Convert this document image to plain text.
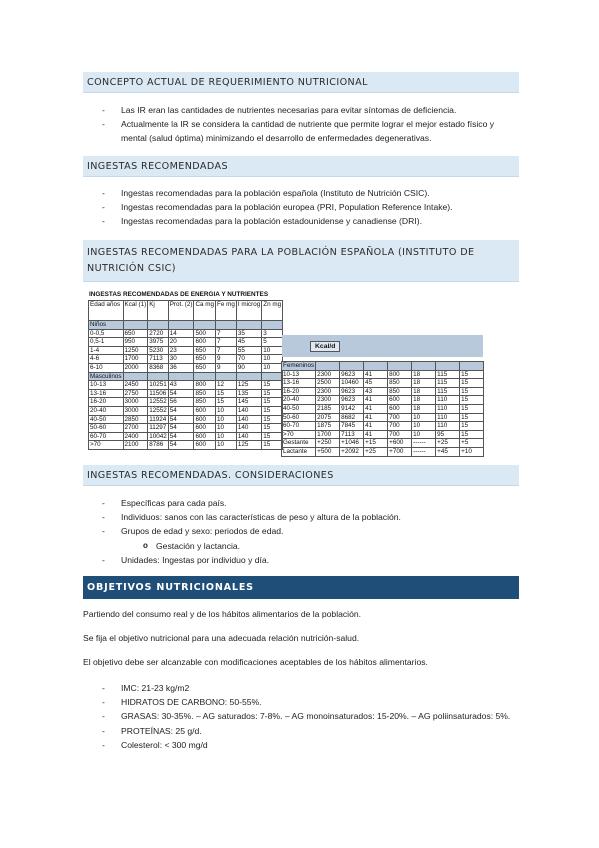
CONCEPTO ACTUAL DE REQUERIMIENTO NUTRICIONAL
- Las IR eran las cantidades de nutrientes necesarias para evitar síntomas de deficiencia.
- Actualmente la IR se considera la cantidad de nutriente que permite lograr el mejor estado físico y mental (salud óptima) minimizando el desarrollo de enfermedades degenerativas.
INGESTAS RECOMENDADAS
- Ingestas recomendadas para la población española (Instituto de Nutrición CSIC).
- Ingestas recomendadas para la población europea (PRI, Population Reference Intake).
- Ingestas recomendadas para la población estadounidense y canadiense (DRI).
INGESTAS RECOMENDADAS PARA LA POBLACIÓN ESPAÑOLA (INSTITUTO DE NUTRICIÓN CSIC)
INGESTAS RECOMENDADAS DE ENERGIA Y NUTRIENTES
Edad años	Kcal (1)	Kj	Prot. (2)	Ca mg	Fe mg	I microg	Zn mg
Niños							
0-0,5	650	2720	14	500	7	35	3
0,5-1	950	3975	20	600	7	45	5
1-4	1250	5230	23	650	7	55	10
4-6	1700	7113	30	650	9	70	10
6-10	2000	8368	36	650	9	90	10
Masculinos							
10-13	2450	10251	43	800	12	125	15
13-16	2750	11506	54	850	15	135	15
16-20	3000	12552	56	850	15	145	15
20-40	3000	12552	54	600	10	140	15
40-50	2850	11924	54	600	10	140	15
50-60	2700	11297	54	600	10	140	15
60-70	2400	10042	54	600	10	140	15
>70	2100	8786	54	600	10	125	15
Kcal/d
Femeninos							
10-13	2300	9623	41	800	18	115	15
13-16	2500	10460	45	850	18	115	15
16-20	2300	9623	43	850	18	115	15
20-40	2300	9623	41	600	18	110	15
40-50	2185	9142	41	600	18	110	15
50-60	2075	8682	41	700	10	110	15
60-70	1875	7845	41	700	10	110	15
>70	1700	7113	41	700	10	95	15
Gestante	+250	+1046	+15	+600	------	+25	+5
Lactante	+500	+2092	+25	+700	------	+45	+10
INGESTAS RECOMENDADAS. CONSIDERACIONES
- Específicas para cada país.
- Individuos: sanos con las características de peso y altura de la población.
- Grupos de edad y sexo: periodos de edad.
o Gestación y lactancia.
- Unidades: Ingestas por individuo y día.
OBJETIVOS NUTRICIONALES
Partiendo del consumo real y de los hábitos alimentarios de la población.
Se fija el objetivo nutricional para una adecuada relación nutrición-salud.
El objetivo debe ser alcanzable con modificaciones aceptables de los hábitos alimentarios.
- IMC: 21-23 kg/m2
- HIDRATOS DE CARBONO: 50-55%.
- GRASAS: 30-35%. – AG saturados: 7-8%. – AG monoinsaturados: 15-20%. – AG poliinsaturados: 5%.
- PROTEÍNAS: 25 g/d.
- Colesterol: < 300 mg/d
